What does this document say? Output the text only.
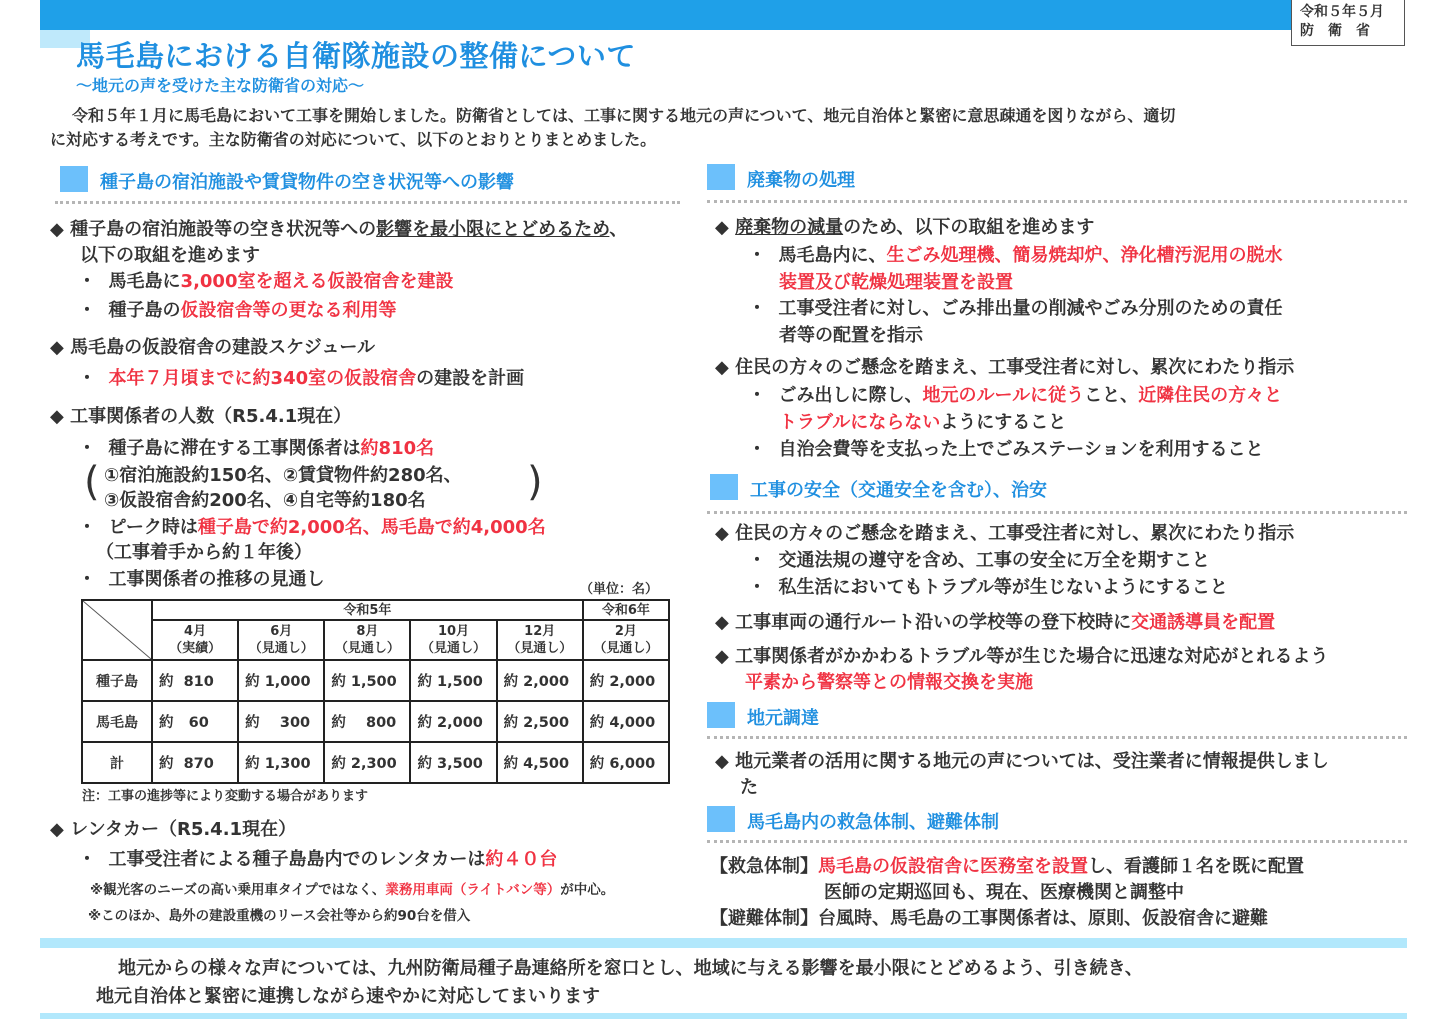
令和５年５月
防衛省
馬毛島における自衛隊施設の整備について
～地元の声を受けた主な防衛省の対応～
令和５年１月に馬毛島において工事を開始しました。防衛省としては、工事に関する地元の声について、地元自治体と緊密に意思疎通を図りながら、適切
に対応する考えです。主な防衛省の対応について、以下のとおりとりまとめました。
種子島の宿泊施設や賃貸物件の空き状況等への影響
◆ 種子島の宿泊施設等の空き状況等への影響を最小限にとどめるため、
以下の取組を進めます
・ 馬毛島に3,000室を超える仮設宿舎を建設
・ 種子島の仮設宿舎等の更なる利用等
◆ 馬毛島の仮設宿舎の建設スケジュール
・ 本年７月頃までに約340室の仮設宿舎の建設を計画
◆ 工事関係者の人数（R5.4.1現在）
・ 種子島に滞在する工事関係者は約810名
( ①宿泊施設約150名、②賃貸物件約280名、
③仮設宿舎約200名、④自宅等約180名	)
・ ピーク時は種子島で約2,000名、馬毛島で約4,000名
（工事着手から約１年後）
・ 工事関係者の推移の見通し	（単位：名）
	令和5年					令和6年
	4月
（実績）	6月
（見通し）	8月
（見通し）	10月
（見通し）	12月
（見通し）	2月
（見通し）
種子島	約  810	約 1,000	約 1,500	約 1,500	約 2,000	約 2,000
馬毛島	約   60	約    300	約    800	約 2,000	約 2,500	約 4,000
計	約  870	約 1,300	約 2,300	約 3,500	約 4,500	約 6,000
注：工事の進捗等により変動する場合があります
◆ レンタカー（R5.4.1現在）
・ 工事受注者による種子島島内でのレンタカーは約４０台
※観光客のニーズの高い乗用車タイプではなく、業務用車両（ライトバン等）が中心。
※このほか、島外の建設重機のリース会社等から約90台を借入
廃棄物の処理
◆ 廃棄物の減量のため、以下の取組を進めます
・ 馬毛島内に、生ごみ処理機、簡易焼却炉、浄化槽汚泥用の脱水
装置及び乾燥処理装置を設置
・ 工事受注者に対し、ごみ排出量の削減やごみ分別のための責任
者等の配置を指示
◆ 住民の方々のご懸念を踏まえ、工事受注者に対し、累次にわたり指示
・ ごみ出しに際し、地元のルールに従うこと、近隣住民の方々と
トラブルにならないようにすること
・ 自治会費等を支払った上でごみステーションを利用すること
工事の安全（交通安全を含む）、治安
◆ 住民の方々のご懸念を踏まえ、工事受注者に対し、累次にわたり指示
・ 交通法規の遵守を含め、工事の安全に万全を期すこと
・ 私生活においてもトラブル等が生じないようにすること
◆ 工事車両の通行ルート沿いの学校等の登下校時に交通誘導員を配置
◆ 工事関係者がかかわるトラブル等が生じた場合に迅速な対応がとれるよう
平素から警察等との情報交換を実施
地元調達
◆ 地元業者の活用に関する地元の声については、受注業者に情報提供しまし
た
馬毛島内の救急体制、避難体制
【救急体制】馬毛島の仮設宿舎に医務室を設置し、看護師１名を既に配置
医師の定期巡回も、現在、医療機関と調整中
【避難体制】台風時、馬毛島の工事関係者は、原則、仮設宿舎に避難
地元からの様々な声については、九州防衛局種子島連絡所を窓口とし、地域に与える影響を最小限にとどめるよう、引き続き、
地元自治体と緊密に連携しながら速やかに対応してまいります
